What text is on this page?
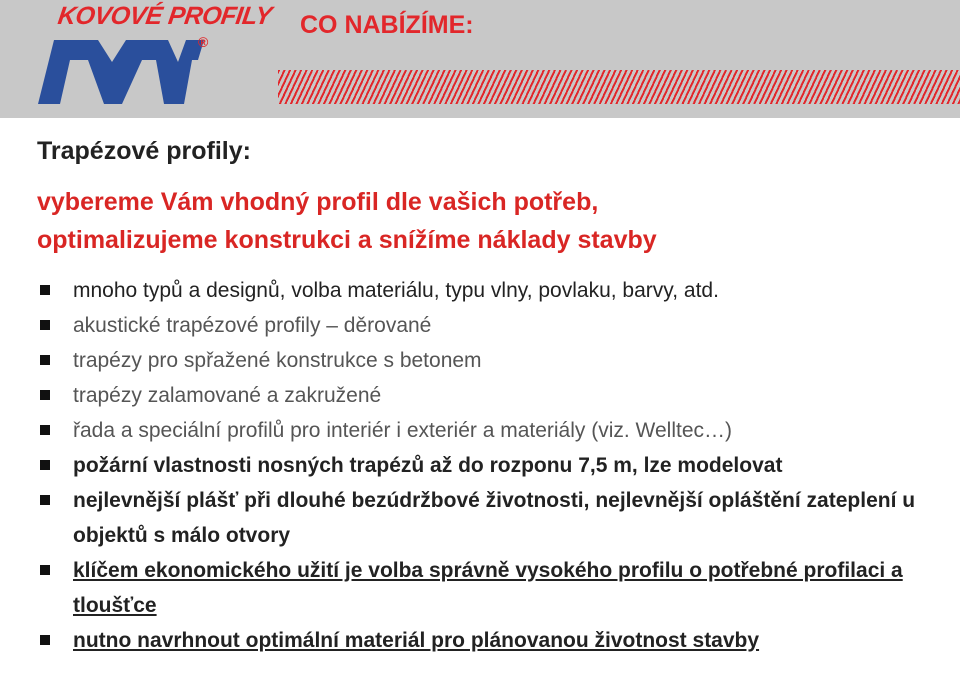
KOVOVÉ PROFILY
®
CO NABÍZÍME:
Trapézové profily:
vybereme Vám vhodný profil dle vašich potřeb,
optimalizujeme konstrukci a snížíme náklady stavby
mnoho typů a designů, volba materiálu, typu vlny, povlaku, barvy, atd.
akustické trapézové profily – děrované
trapézy pro spřažené konstrukce s betonem
trapézy zalamované a zakružené
řada a speciální profilů pro interiér i exteriér a materiály (viz. Welltec…)
požární vlastnosti nosných trapézů až do rozponu 7,5 m, lze modelovat
nejlevnější plášť při dlouhé bezúdržbové životnosti, nejlevnější opláštění zateplení u objektů s málo otvory
klíčem ekonomického užití je volba správně vysokého profilu o potřebné profilaci a tloušťce
nutno navrhnout optimální materiál pro plánovanou životnost stavby
